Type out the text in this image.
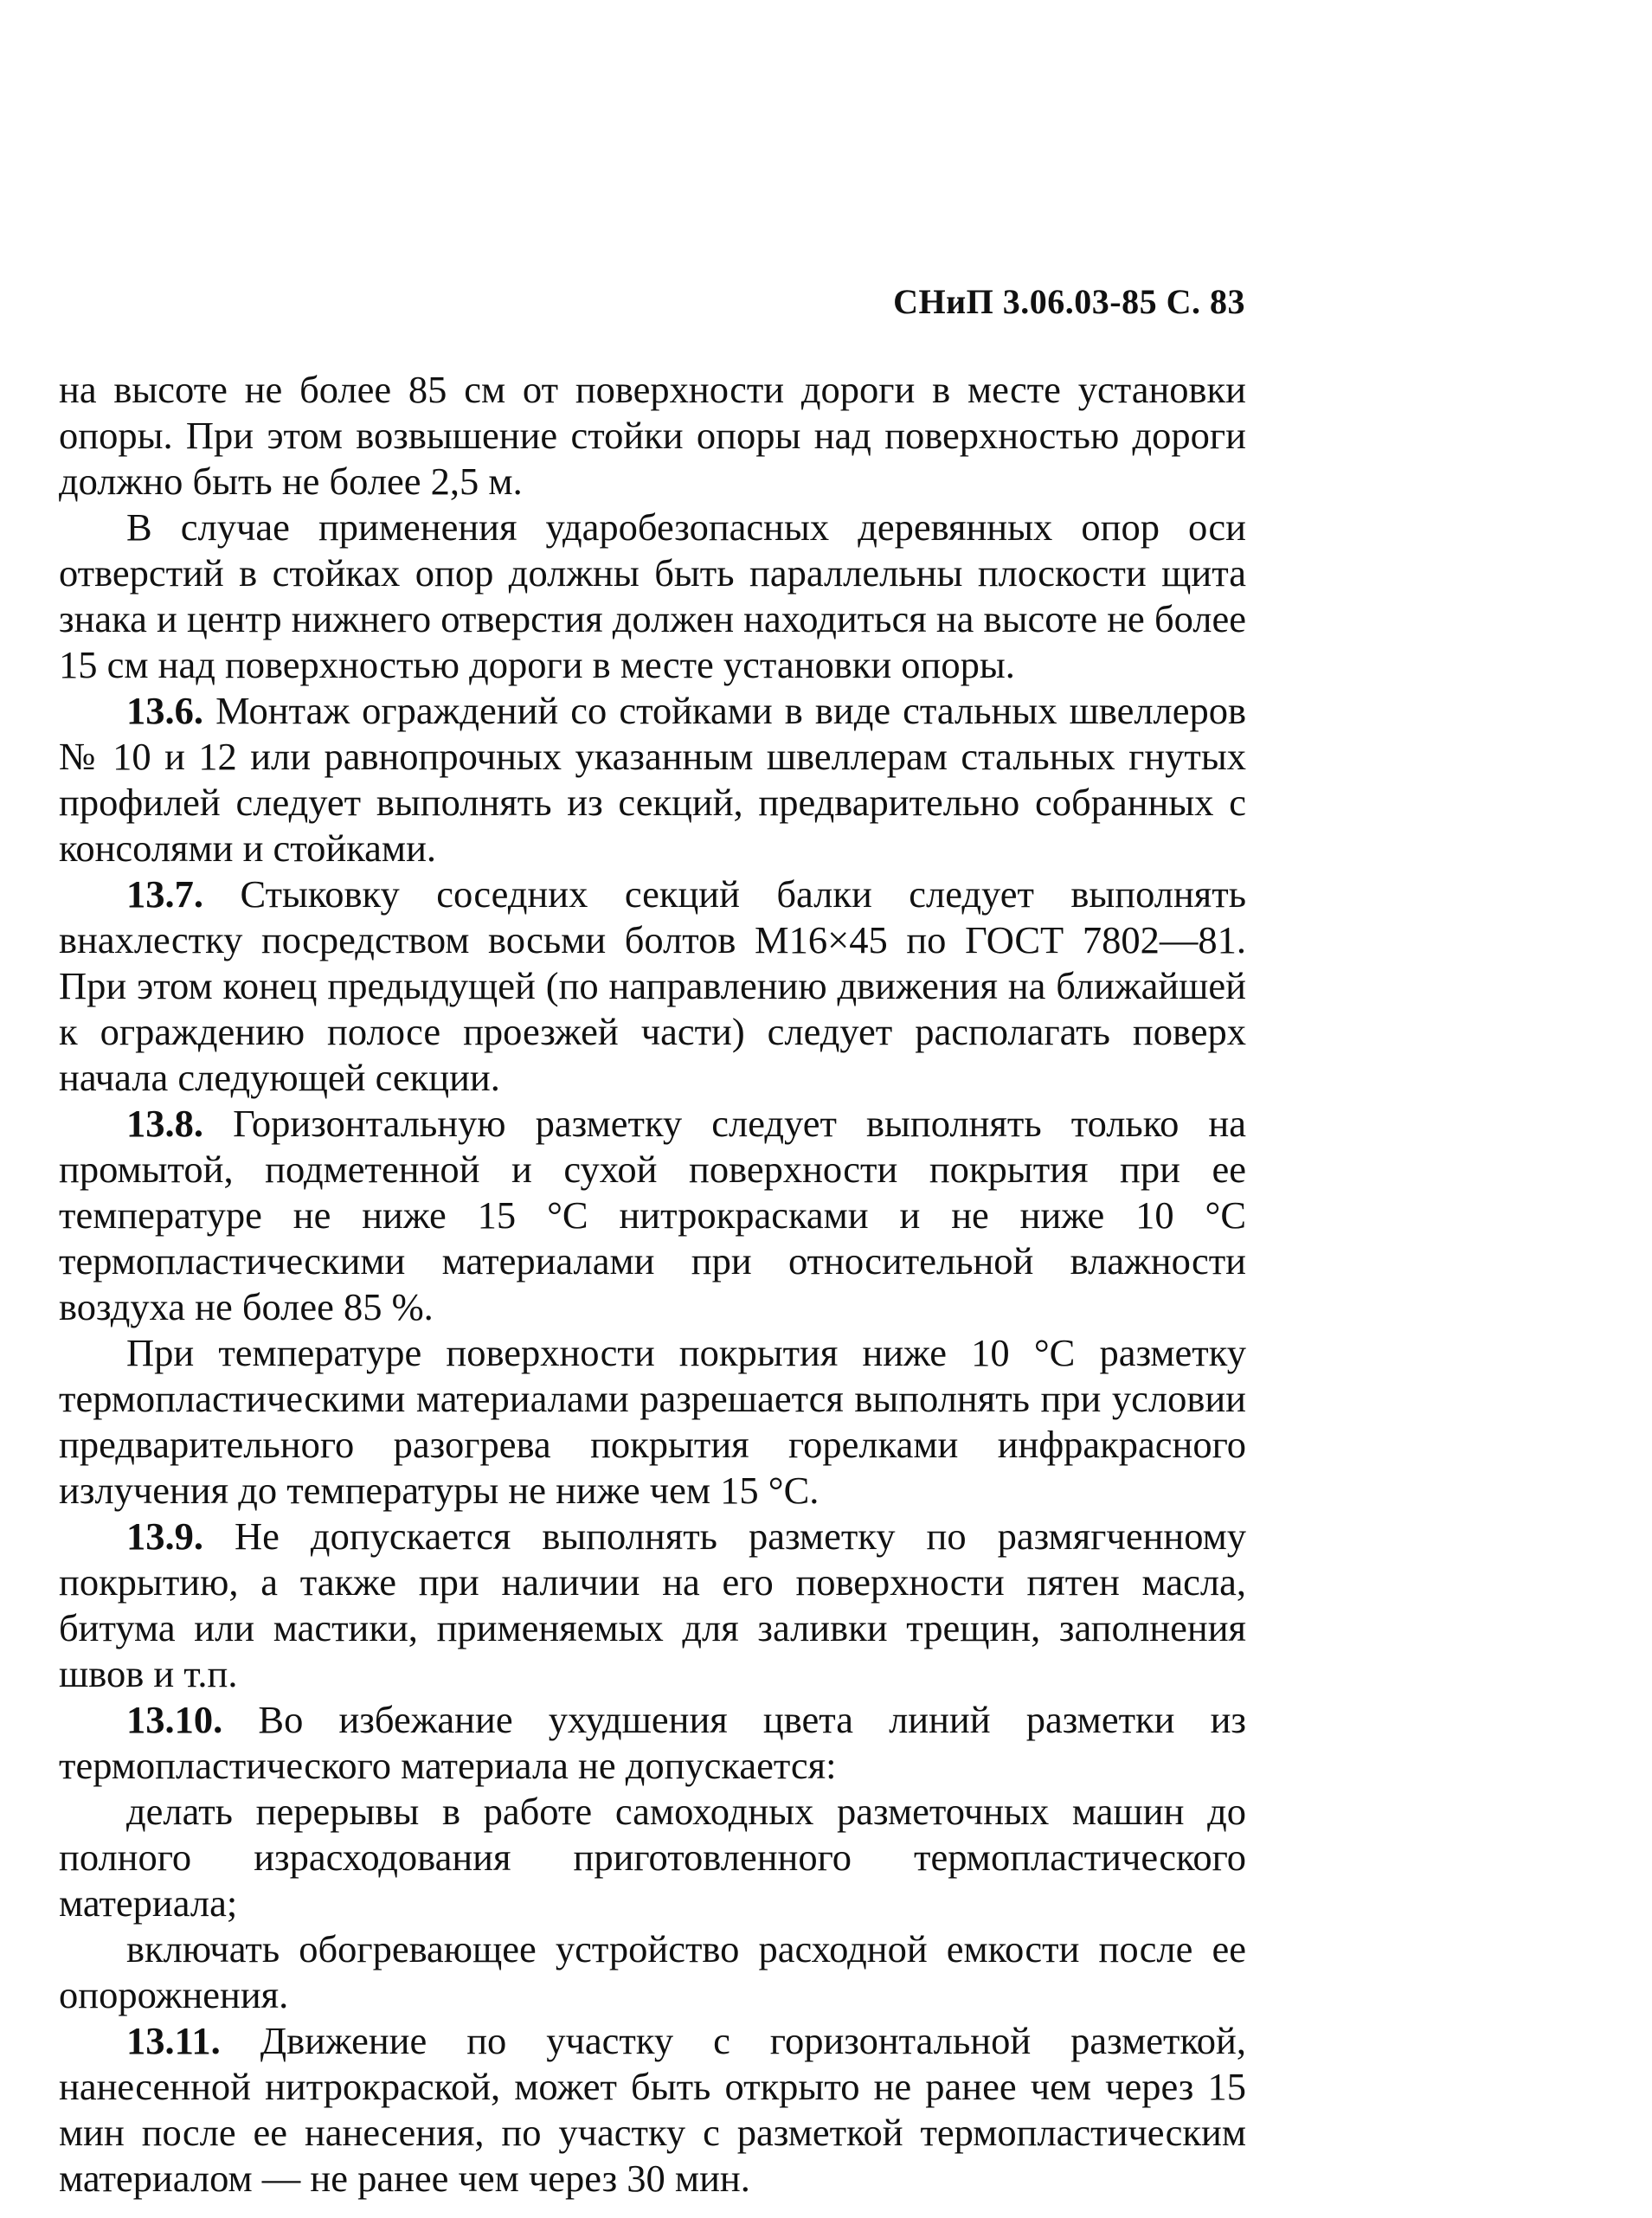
СНиП 3.06.03-85 С. 83

на высоте не более 85 см от поверхности дороги в месте установки опоры. При этом возвышение стойки опоры над поверхностью дороги должно быть не более 2,5 м.

В случае применения ударобезопасных деревянных опор оси отверстий в стойках опор должны быть параллельны плоскости щита знака и центр нижнего отверстия должен находиться на высоте не более 15 см над поверхностью дороги в месте установки опоры.

13.6. Монтаж ограждений со стойками в виде стальных швеллеров № 10 и 12 или равнопрочных указанным швеллерам стальных гнутых профилей следует выполнять из секций, предварительно собранных с консолями и стойками.

13.7. Стыковку соседних секций балки следует выполнять внахлестку посредством восьми болтов М16×45 по ГОСТ 7802—81. При этом конец предыдущей (по направлению движения на ближайшей к ограждению полосе проезжей части) следует располагать поверх начала следующей секции.

13.8. Горизонтальную разметку следует выполнять только на промытой, подметенной и сухой поверхности покрытия при ее температуре не ниже 15 °С нитрокрасками и не ниже 10 °С термопластическими материалами при относительной влажности воздуха не более 85 %.

При температуре поверхности покрытия ниже 10 °С разметку термопластическими материалами разрешается выполнять при условии предварительного разогрева покрытия горелками инфракрасного излучения до температуры не ниже чем 15 °С.

13.9. Не допускается выполнять разметку по размягченному покрытию, а также при наличии на его поверхности пятен масла, битума или мастики, применяемых для заливки трещин, заполнения швов и т.п.

13.10. Во избежание ухудшения цвета линий разметки из термопластического материала не допускается:

делать перерывы в работе самоходных разметочных машин до полного израсходования приготовленного термопластического материала;

включать обогревающее устройство расходной емкости после ее опорожнения.

13.11. Движение по участку с горизонтальной разметкой, нанесенной нитрокраской, может быть открыто не ранее чем через 15 мин после ее нанесения, по участку с разметкой термопластическим материалом — не ранее чем через 30 мин.
